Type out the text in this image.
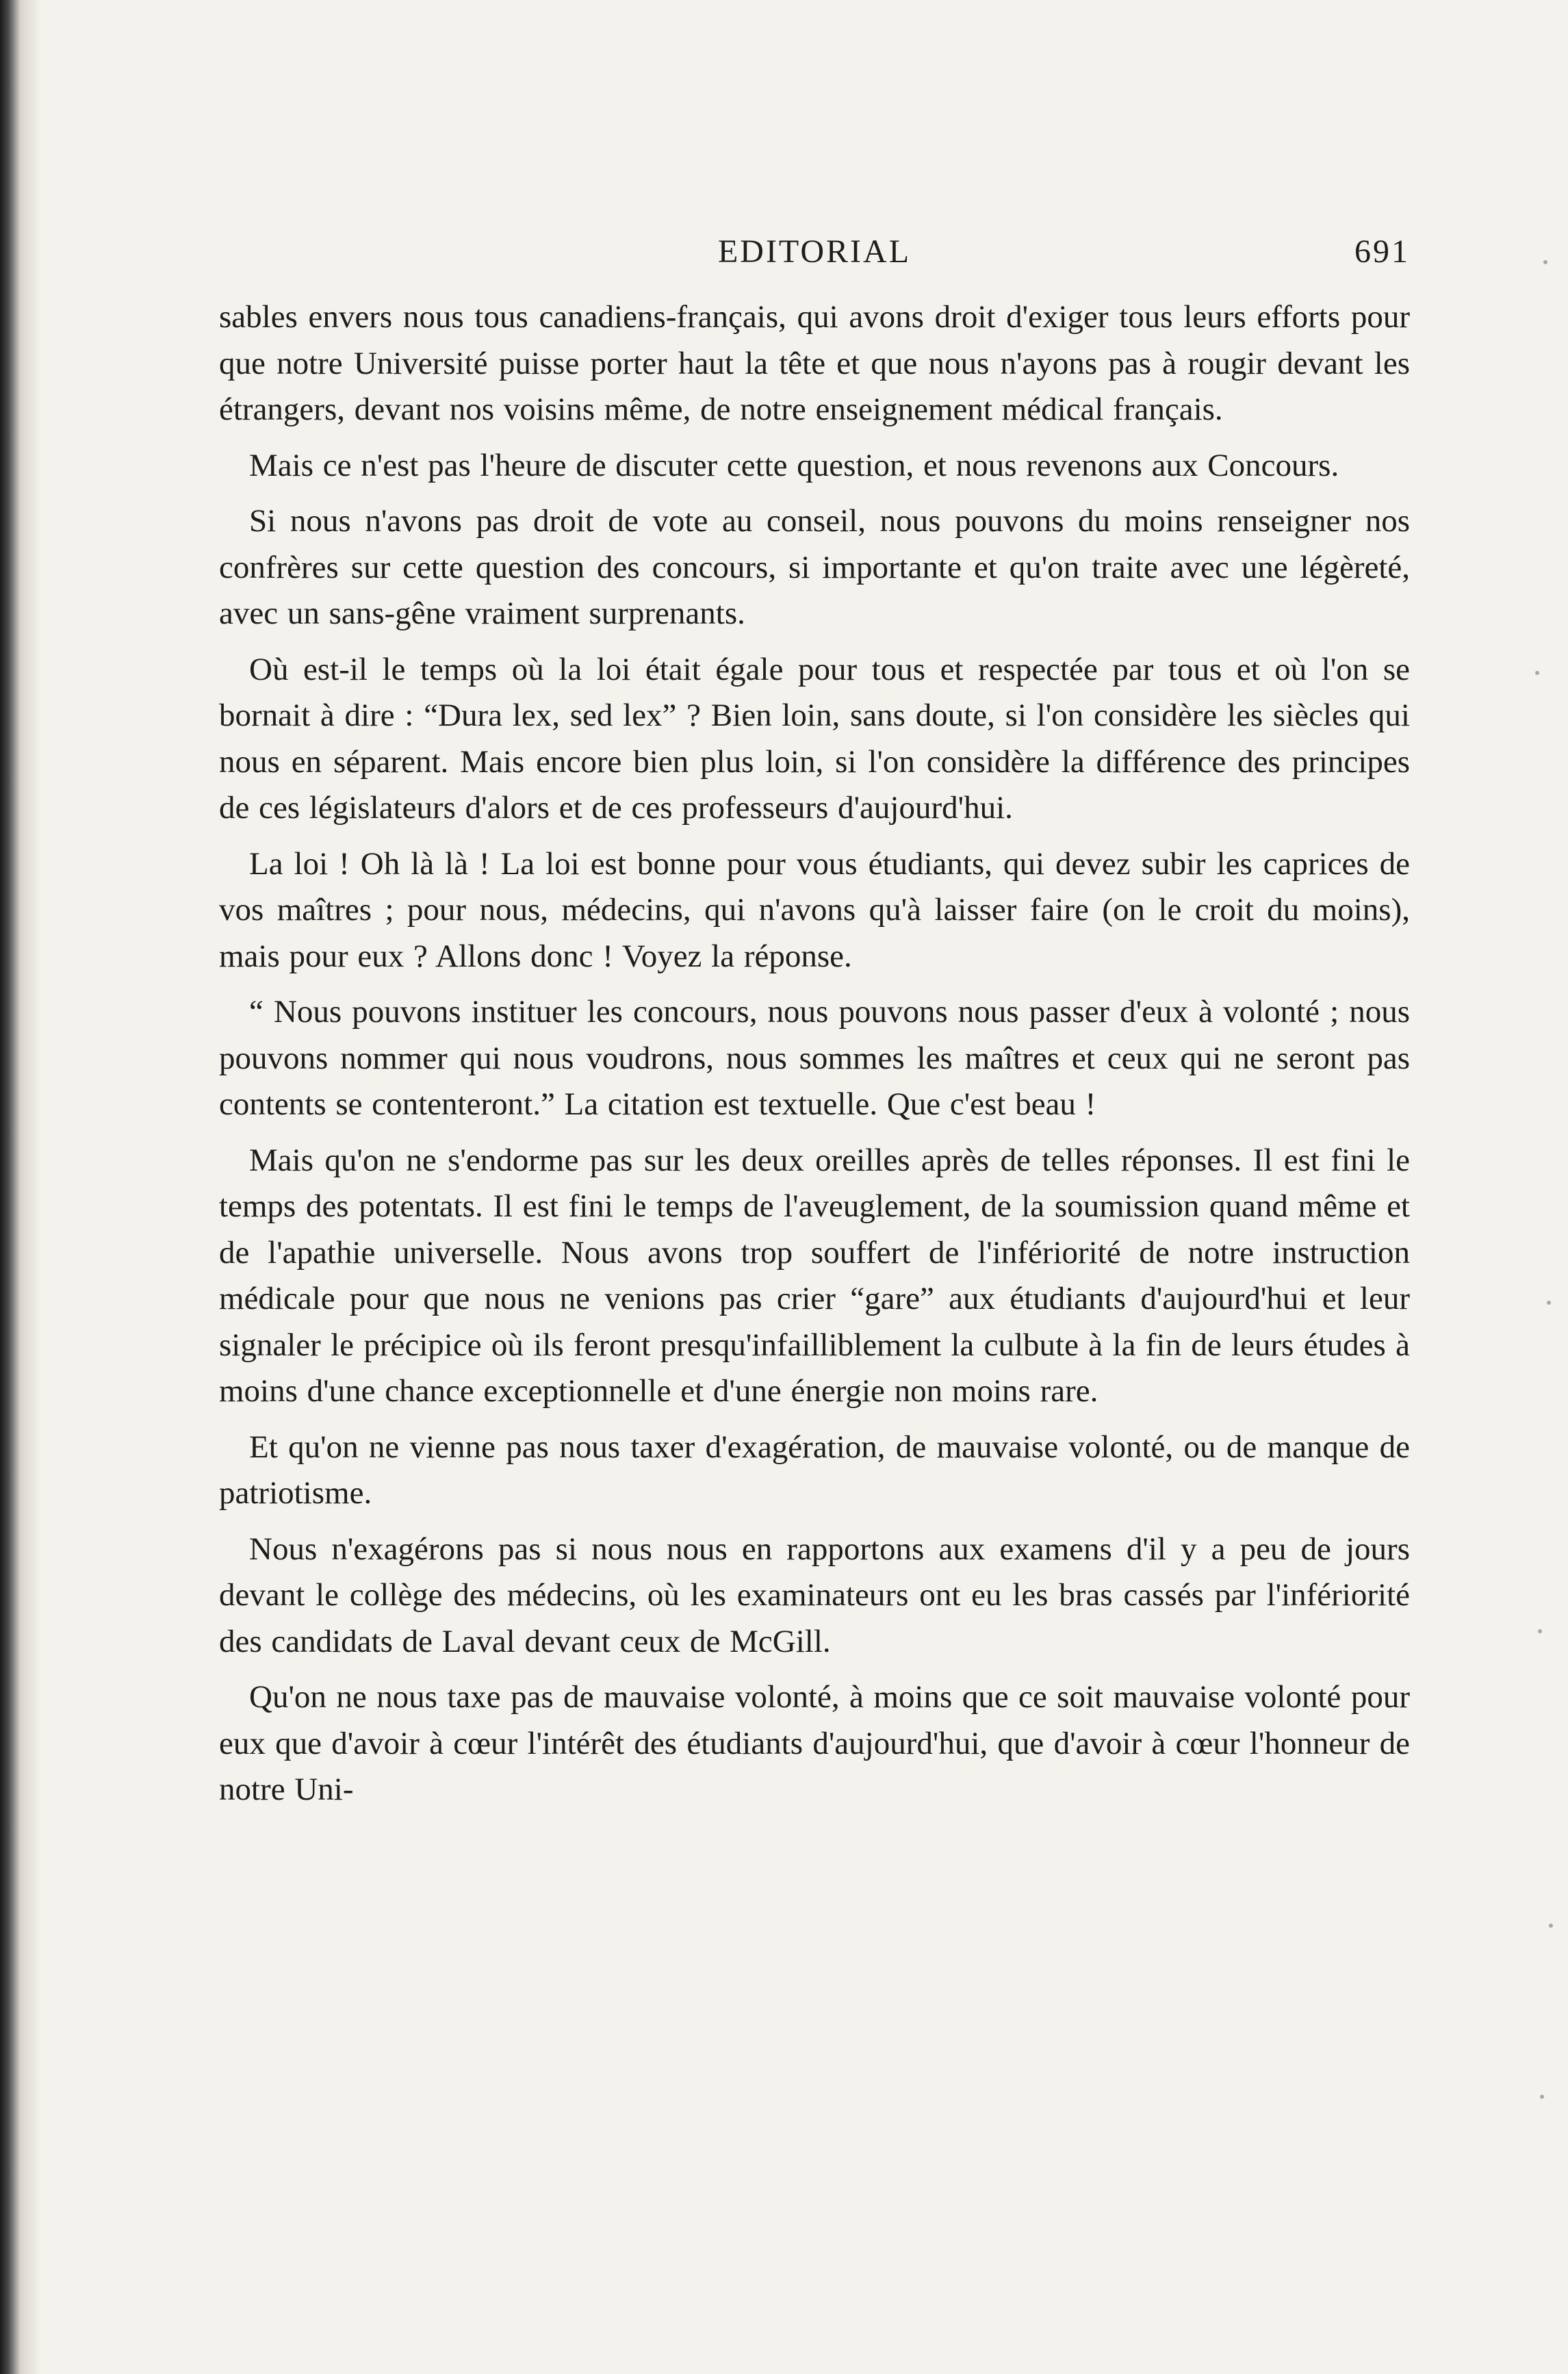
EDITORIAL	691

sables envers nous tous canadiens-français, qui avons droit d'exiger tous leurs efforts pour que notre Université puisse porter haut la tête et que nous n'ayons pas à rougir devant les étrangers, devant nos voisins même, de notre enseignement médical français.

Mais ce n'est pas l'heure de discuter cette question, et nous revenons aux Concours.

Si nous n'avons pas droit de vote au conseil, nous pouvons du moins renseigner nos confrères sur cette question des concours, si importante et qu'on traite avec une légèreté, avec un sans-gêne vraiment surprenants.

Où est-il le temps où la loi était égale pour tous et respectée par tous et où l'on se bornait à dire : “Dura lex, sed lex” ? Bien loin, sans doute, si l'on considère les siècles qui nous en séparent. Mais encore bien plus loin, si l'on considère la différence des principes de ces législateurs d'alors et de ces professeurs d'aujourd'hui.

La loi ! Oh là là ! La loi est bonne pour vous étudiants, qui devez subir les caprices de vos maîtres ; pour nous, médecins, qui n'avons qu'à laisser faire (on le croit du moins), mais pour eux ? Allons donc ! Voyez la réponse.

“ Nous pouvons instituer les concours, nous pouvons nous passer d'eux à volonté ; nous pouvons nommer qui nous voudrons, nous sommes les maîtres et ceux qui ne seront pas contents se contenteront.” La citation est textuelle. Que c'est beau !

Mais qu'on ne s'endorme pas sur les deux oreilles après de telles réponses. Il est fini le temps des potentats. Il est fini le temps de l'aveuglement, de la soumission quand même et de l'apathie universelle. Nous avons trop souffert de l'infériorité de notre instruction médicale pour que nous ne venions pas crier “gare” aux étudiants d'aujourd'hui et leur signaler le précipice où ils feront presqu'infailliblement la culbute à la fin de leurs études à moins d'une chance exceptionnelle et d'une énergie non moins rare.

Et qu'on ne vienne pas nous taxer d'exagération, de mauvaise volonté, ou de manque de patriotisme.

Nous n'exagérons pas si nous nous en rapportons aux examens d'il y a peu de jours devant le collège des médecins, où les examinateurs ont eu les bras cassés par l'infériorité des candidats de Laval devant ceux de McGill.

Qu'on ne nous taxe pas de mauvaise volonté, à moins que ce soit mauvaise volonté pour eux que d'avoir à cœur l'intérêt des étudiants d'aujourd'hui, que d'avoir à cœur l'honneur de notre Uni-
